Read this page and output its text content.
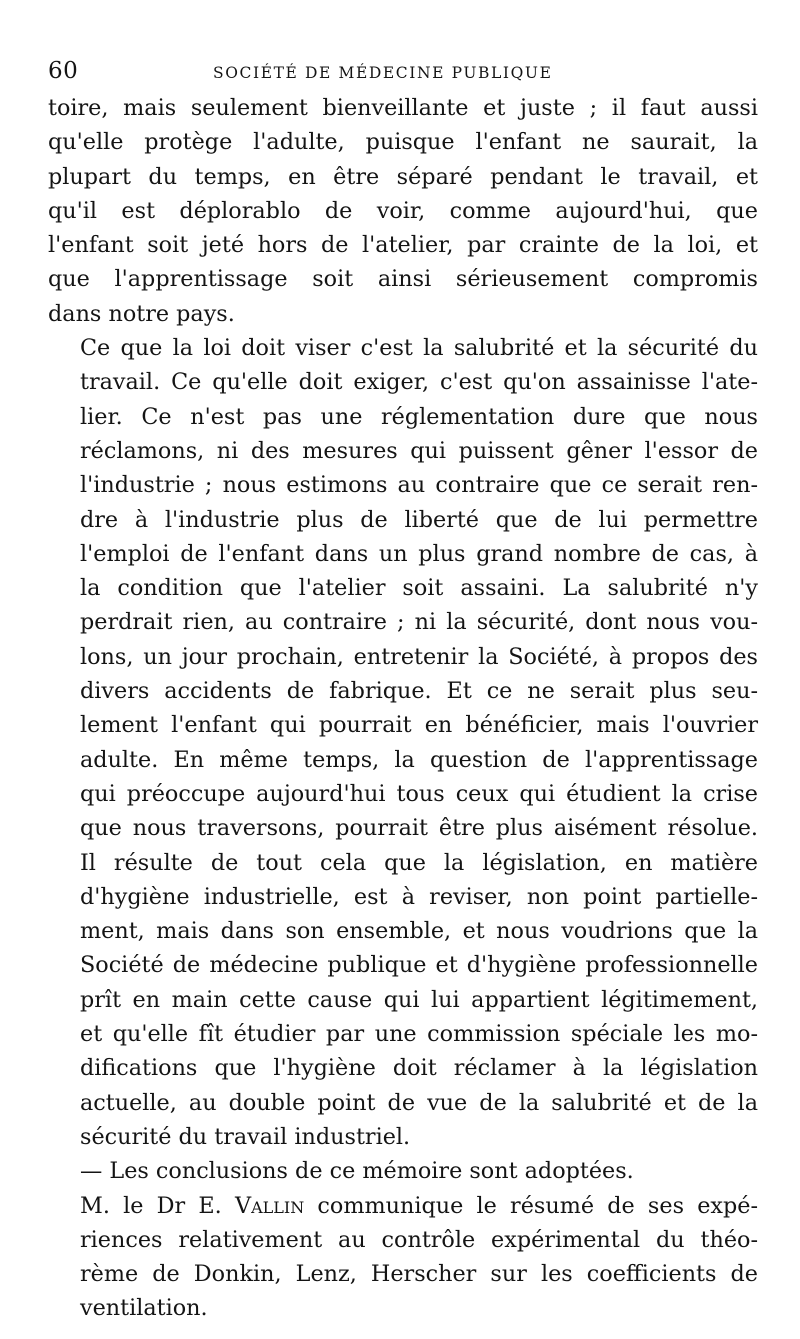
60	SOCIÉTÉ DE MÉDECINE PUBLIQUE

toire, mais seulement bienveillante et juste ; il faut aussi
qu'elle protège l'adulte, puisque l'enfant ne saurait, la
plupart du temps, en être séparé pendant le travail, et
qu'il est déplorablo de voir, comme aujourd'hui, que
l'enfant soit jeté hors de l'atelier, par crainte de la loi, et
que l'apprentissage soit ainsi sérieusement compromis
dans notre pays.

Ce que la loi doit viser c'est la salubrité et la sécurité du
travail. Ce qu'elle doit exiger, c'est qu'on assainisse l'ate-
lier. Ce n'est pas une réglementation dure que nous
réclamons, ni des mesures qui puissent gêner l'essor de
l'industrie ; nous estimons au contraire que ce serait ren-
dre à l'industrie plus de liberté que de lui permettre
l'emploi de l'enfant dans un plus grand nombre de cas, à
la condition que l'atelier soit assaini. La salubrité n'y
perdrait rien, au contraire ; ni la sécurité, dont nous vou-
lons, un jour prochain, entretenir la Société, à propos des
divers accidents de fabrique. Et ce ne serait plus seu-
lement l'enfant qui pourrait en bénéficier, mais l'ouvrier
adulte. En même temps, la question de l'apprentissage
qui préoccupe aujourd'hui tous ceux qui étudient la crise
que nous traversons, pourrait être plus aisément résolue.

Il résulte de tout cela que la législation, en matière
d'hygiène industrielle, est à reviser, non point partielle-
ment, mais dans son ensemble, et nous voudrions que la
Société de médecine publique et d'hygiène professionnelle
prît en main cette cause qui lui appartient légitimement,
et qu'elle fît étudier par une commission spéciale les mo-
difications que l'hygiène doit réclamer à la législation
actuelle, au double point de vue de la salubrité et de la
sécurité du travail industriel.

— Les conclusions de ce mémoire sont adoptées.

M. le Dr E. Vallin communique le résumé de ses expé-
riences relativement au contrôle expérimental du théo-
rème de Donkin, Lenz, Herscher sur les coefficients de
ventilation.
